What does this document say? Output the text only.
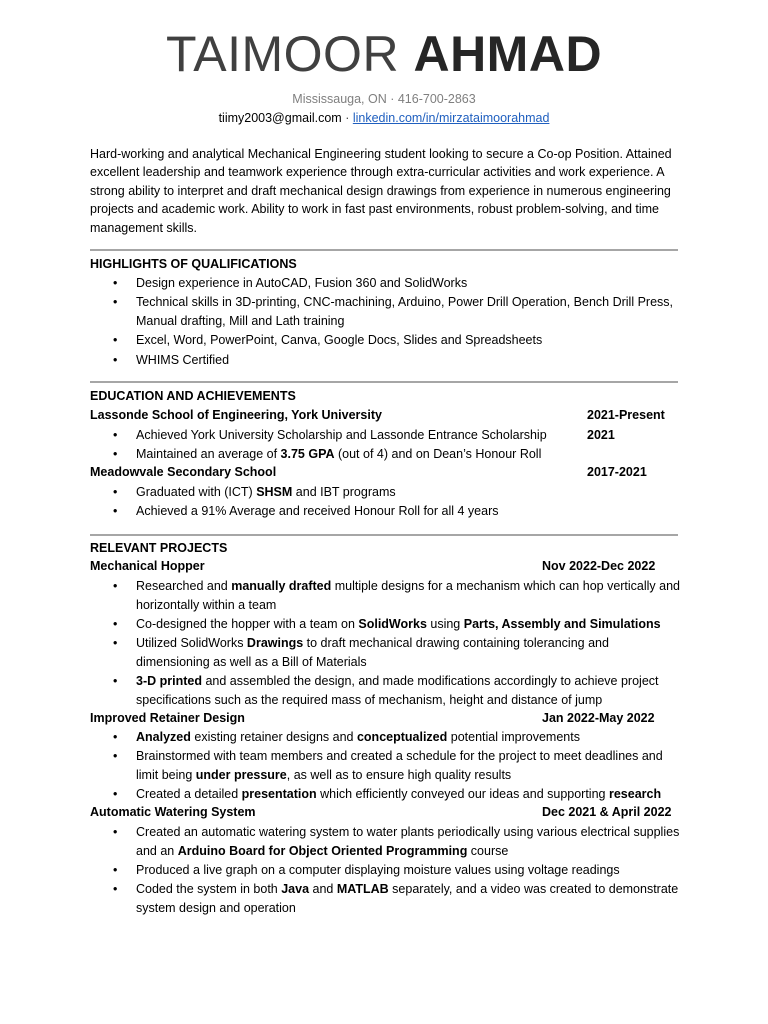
TAIMOOR AHMAD
Mississauga, ON · 416-700-2863
tiimy2003@gmail.com · linkedin.com/in/mirzataimoorahmad
Hard-working and analytical Mechanical Engineering student looking to secure a Co-op Position. Attained excellent leadership and teamwork experience through extra-curricular activities and work experience. A strong ability to interpret and draft mechanical design drawings from experience in numerous engineering projects and academic work. Ability to work in fast past environments, robust problem-solving, and time management skills.
HIGHLIGHTS OF QUALIFICATIONS
• Design experience in AutoCAD, Fusion 360 and SolidWorks
• Technical skills in 3D-printing, CNC-machining, Arduino, Power Drill Operation, Bench Drill Press, Manual drafting, Mill and Lath training
• Excel, Word, PowerPoint, Canva, Google Docs, Slides and Spreadsheets
• WHIMS Certified
EDUCATION AND ACHIEVEMENTS
Lassonde School of Engineering, York University	2021-Present
• Achieved York University Scholarship and Lassonde Entrance Scholarship	2021
• Maintained an average of 3.75 GPA (out of 4) and on Dean’s Honour Roll
Meadowvale Secondary School	2017-2021
• Graduated with (ICT) SHSM and IBT programs
• Achieved a 91% Average and received Honour Roll for all 4 years
RELEVANT PROJECTS
Mechanical Hopper	Nov 2022-Dec 2022
• Researched and manually drafted multiple designs for a mechanism which can hop vertically and horizontally within a team
• Co-designed the hopper with a team on SolidWorks using Parts, Assembly and Simulations
• Utilized SolidWorks Drawings to draft mechanical drawing containing tolerancing and dimensioning as well as a Bill of Materials
• 3-D printed and assembled the design, and made modifications accordingly to achieve project specifications such as the required mass of mechanism, height and distance of jump
Improved Retainer Design	Jan 2022-May 2022
• Analyzed existing retainer designs and conceptualized potential improvements
• Brainstormed with team members and created a schedule for the project to meet deadlines and limit being under pressure, as well as to ensure high quality results
• Created a detailed presentation which efficiently conveyed our ideas and supporting research
Automatic Watering System	Dec 2021 & April 2022
• Created an automatic watering system to water plants periodically using various electrical supplies and an Arduino Board for Object Oriented Programming course
• Produced a live graph on a computer displaying moisture values using voltage readings
• Coded the system in both Java and MATLAB separately, and a video was created to demonstrate system design and operation
